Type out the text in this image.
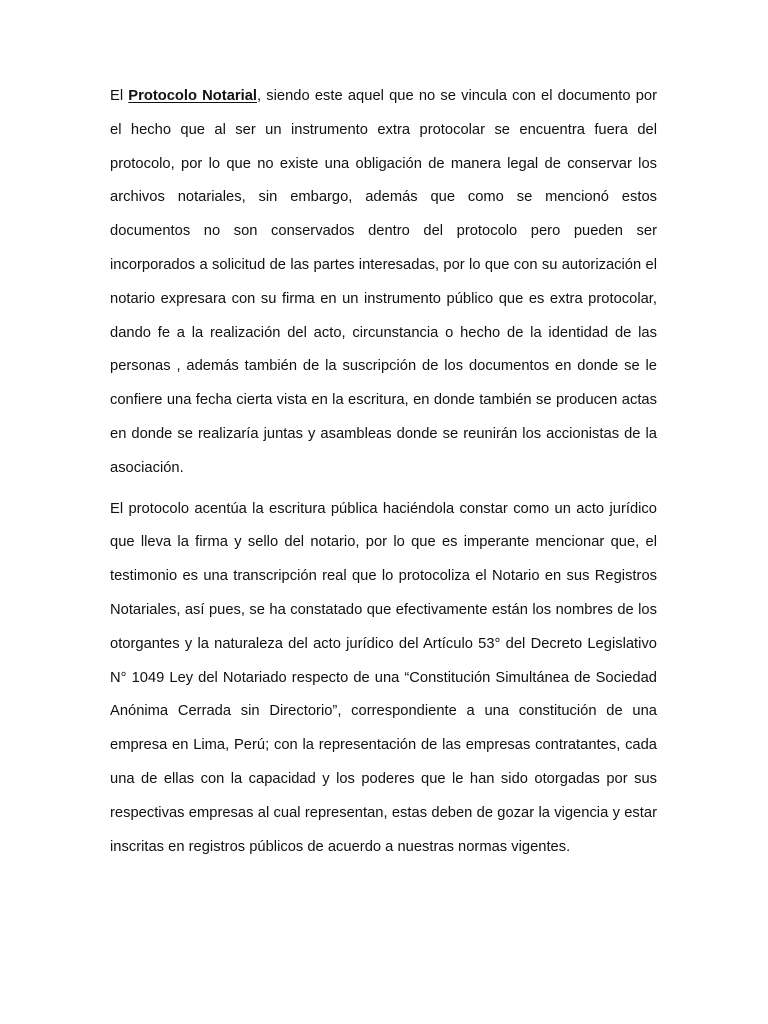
El Protocolo Notarial, siendo este aquel que no se vincula con el documento por el hecho que al ser un instrumento extra protocolar se encuentra fuera del protocolo, por lo que no existe una obligación de manera legal de conservar los archivos notariales, sin embargo, además que como se mencionó estos documentos no son conservados dentro del protocolo pero pueden ser incorporados a solicitud de las partes interesadas, por lo que con su autorización el notario expresara con su firma en un instrumento público que es extra protocolar, dando fe a la realización del acto, circunstancia o hecho de la identidad de las personas , además también de la suscripción de los documentos en donde se le confiere una fecha cierta vista en la escritura, en donde también se producen actas en donde se realizaría juntas y asambleas donde se reunirán los accionistas de la asociación.

El protocolo acentúa la escritura pública haciéndola constar como un acto jurídico que lleva la firma y sello del notario, por lo que es imperante mencionar que, el testimonio es una transcripción real que lo protocoliza el Notario en sus Registros Notariales, así pues, se ha constatado que efectivamente están los nombres de los otorgantes y la naturaleza del acto jurídico del Artículo 53° del Decreto Legislativo N° 1049 Ley del Notariado respecto de una “Constitución Simultánea de Sociedad Anónima Cerrada sin Directorio”, correspondiente a una constitución de una empresa en Lima, Perú; con la representación de las empresas contratantes, cada una de ellas con la capacidad y los poderes que le han sido otorgadas por sus respectivas empresas al cual representan, estas deben de gozar la vigencia y estar inscritas en registros públicos de acuerdo a nuestras normas vigentes.
